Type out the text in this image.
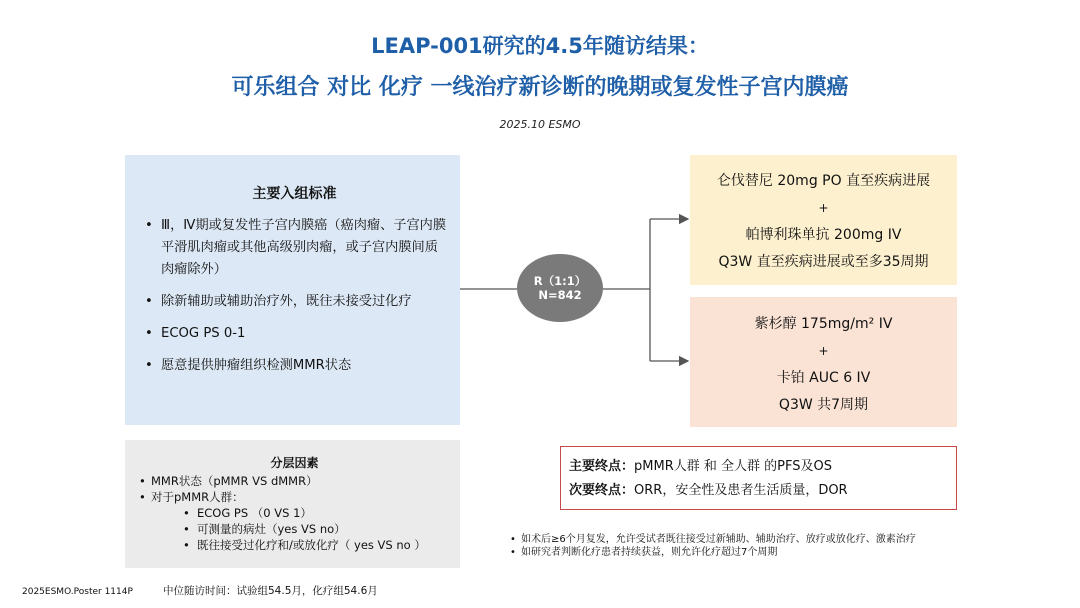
LEAP-001研究的4.5年随访结果：
可乐组合 对比 化疗 一线治疗新诊断的晚期或复发性子宫内膜癌
2025.10 ESMO
主要入组标准
• Ⅲ，Ⅳ期或复发性子宫内膜癌（癌肉瘤、子宫内膜平滑肌肉瘤或其他高级别肉瘤，或子宫内膜间质肉瘤除外）
• 除新辅助或辅助治疗外，既往未接受过化疗
• ECOG PS 0-1
• 愿意提供肿瘤组织检测MMR状态
分层因素
• MMR状态（pMMR VS dMMR）
• 对于pMMR人群：
• ECOG PS （0 VS 1）
• 可测量的病灶（yes VS no）
• 既往接受过化疗和/或放化疗（ yes VS no ）
R（1:1）
N=842
仑伐替尼 20mg PO 直至疾病进展
+
帕博利珠单抗 200mg IV
Q3W 直至疾病进展或至多35周期
紫杉醇 175mg/m² IV
+
卡铂 AUC 6 IV
Q3W 共7周期
主要终点：pMMR人群 和 全人群 的PFS及OS
次要终点：ORR，安全性及患者生活质量，DOR
• 如术后≥6个月复发，允许受试者既往接受过新辅助、辅助治疗、放疗或放化疗、激素治疗
• 如研究者判断化疗患者持续获益，则允许化疗超过7个周期
2025ESMO.Poster 1114P	中位随访时间：试验组54.5月，化疗组54.6月
